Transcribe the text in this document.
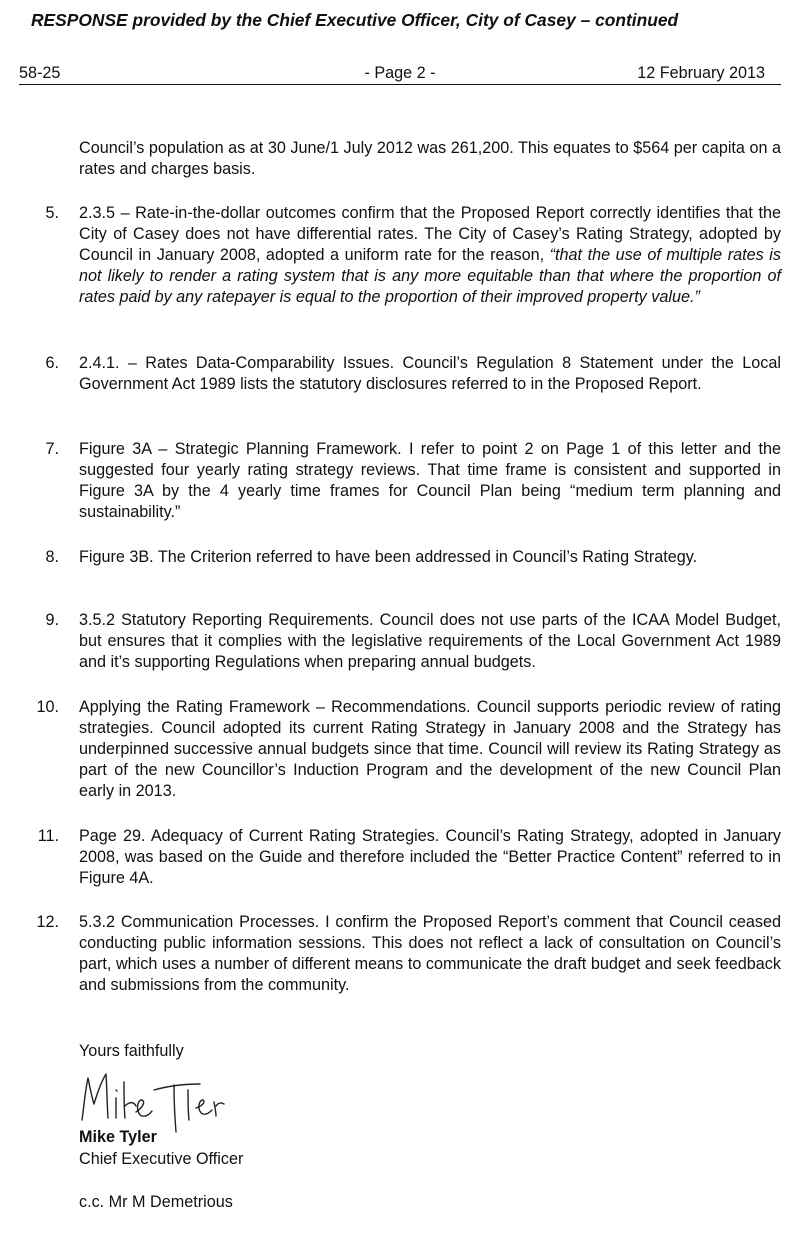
RESPONSE provided by the Chief Executive Officer, City of Casey – continued
58-25	- Page 2 -	12 February 2013

Council’s population as at 30 June/1 July 2012 was 261,200. This equates to $564 per capita on a rates and charges basis.

5. 2.3.5 – Rate-in-the-dollar outcomes confirm that the Proposed Report correctly identifies that the City of Casey does not have differential rates. The City of Casey’s Rating Strategy, adopted by Council in January 2008, adopted a uniform rate for the reason, “that the use of multiple rates is not likely to render a rating system that is any more equitable than that where the proportion of rates paid by any ratepayer is equal to the proportion of their improved property value.”

6. 2.4.1. – Rates Data-Comparability Issues. Council’s Regulation 8 Statement under the Local Government Act 1989 lists the statutory disclosures referred to in the Proposed Report.

7. Figure 3A – Strategic Planning Framework. I refer to point 2 on Page 1 of this letter and the suggested four yearly rating strategy reviews. That time frame is consistent and supported in Figure 3A by the 4 yearly time frames for Council Plan being “medium term planning and sustainability.”

8. Figure 3B. The Criterion referred to have been addressed in Council’s Rating Strategy.

9. 3.5.2 Statutory Reporting Requirements. Council does not use parts of the ICAA Model Budget, but ensures that it complies with the legislative requirements of the Local Government Act 1989 and it’s supporting Regulations when preparing annual budgets.

10. Applying the Rating Framework – Recommendations. Council supports periodic review of rating strategies. Council adopted its current Rating Strategy in January 2008 and the Strategy has underpinned successive annual budgets since that time. Council will review its Rating Strategy as part of the new Councillor’s Induction Program and the development of the new Council Plan early in 2013.

11. Page 29. Adequacy of Current Rating Strategies. Council’s Rating Strategy, adopted in January 2008, was based on the Guide and therefore included the “Better Practice Content” referred to in Figure 4A.

12. 5.3.2 Communication Processes. I confirm the Proposed Report’s comment that Council ceased conducting public information sessions. This does not reflect a lack of consultation on Council’s part, which uses a number of different means to communicate the draft budget and seek feedback and submissions from the community.

Yours faithfully
Mike Tyler
Chief Executive Officer
c.c. Mr M Demetrious
